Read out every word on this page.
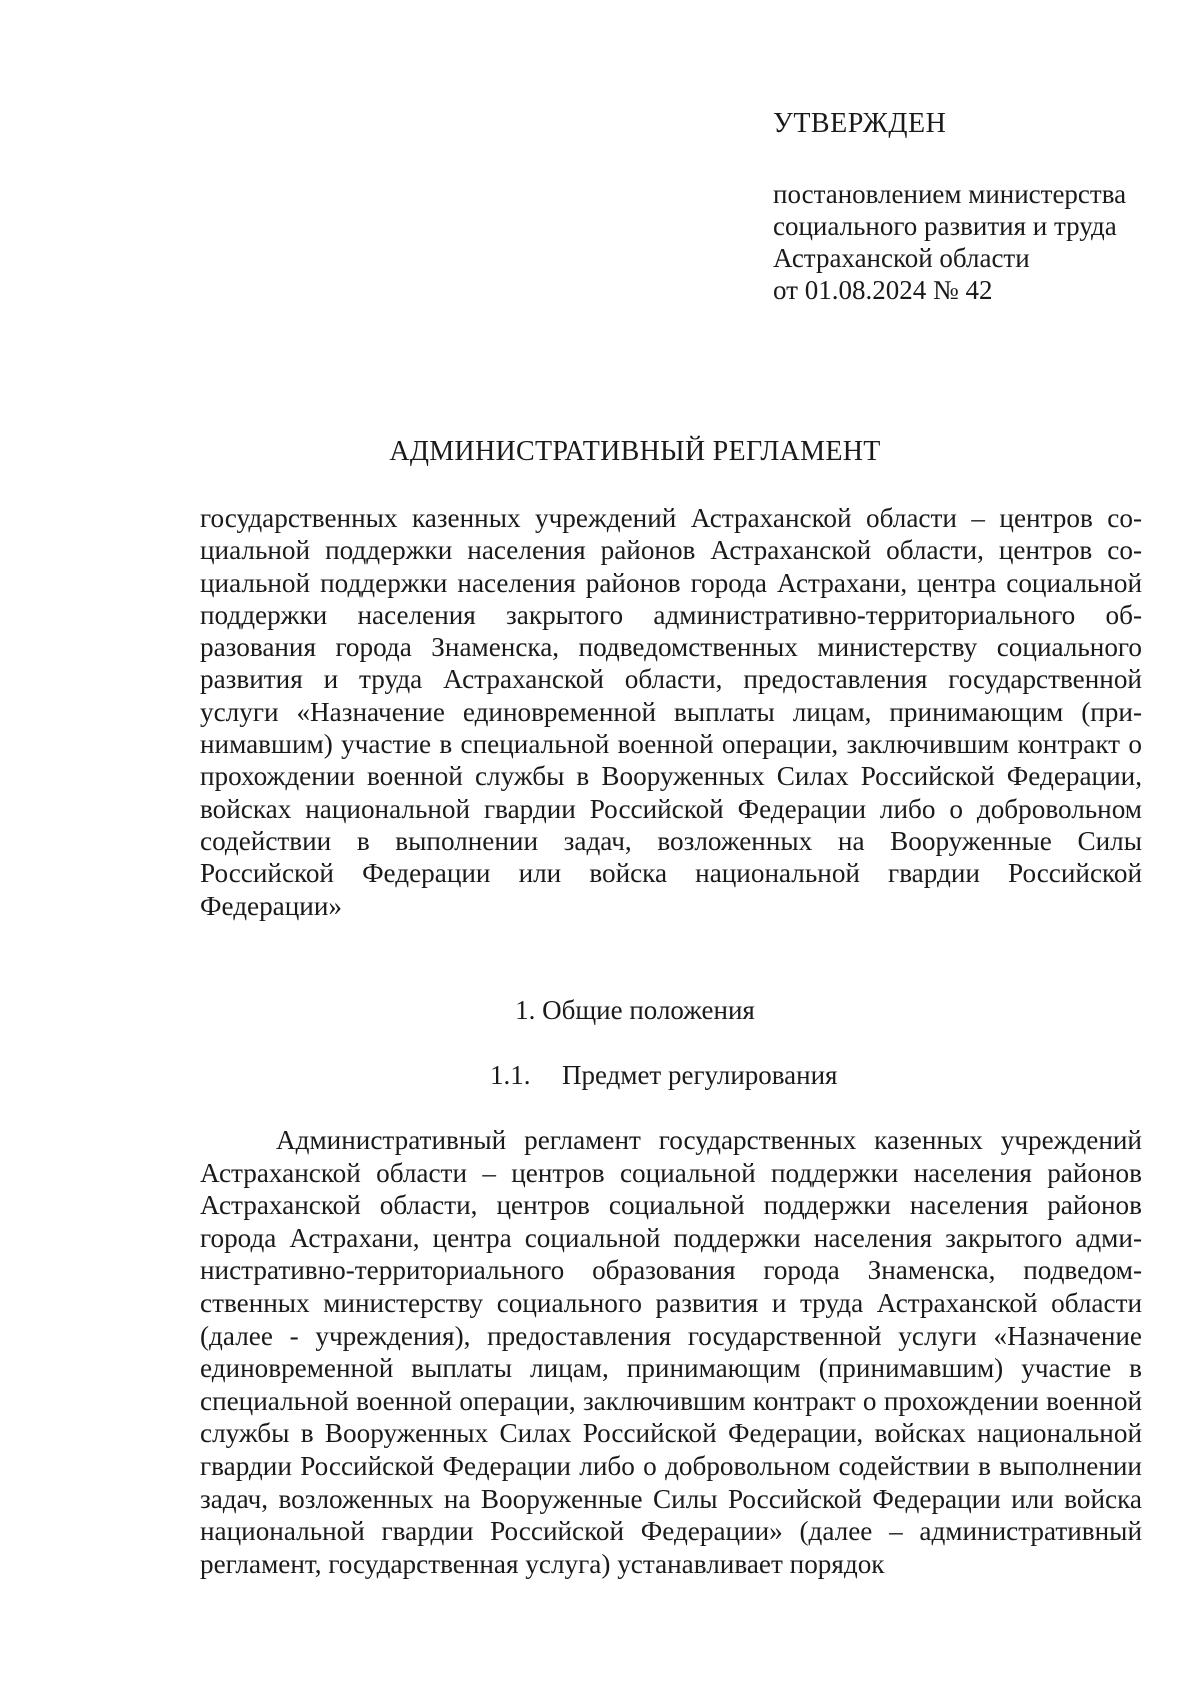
УТВЕРЖДЕН
постановлением министерства
социального развития и труда
Астраханской области
от 01.08.2024 № 42
АДМИНИСТРАТИВНЫЙ РЕГЛАМЕНТ

государственных казенных учреждений Астраханской области – центров социальной поддержки населения районов Астраханской области, центров социальной поддержки населения районов города Астрахани, центра социальной поддержки населения закрытого административно-территориального образования города Знаменска, подведомственных министерству социального развития и труда Астраханской области, предоставления государственной услуги «Назначение единовременной выплаты лицам, принимающим (принимавшим) участие в специальной военной операции, заключившим контракт о прохождении военной службы в Вооруженных Силах Российской Федерации, войсках национальной гвардии Российской Федерации либо о добровольном содействии в выполнении задач, возложенных на Вооруженные Силы Российской Федерации или войска национальной гвардии Российской Федерации»

1. Общие положения
1.1. Предмет регулирования

Административный регламент государственных казенных учреждений Астраханской области – центров социальной поддержки населения районов Астраханской области, центров социальной поддержки населения районов города Астрахани, центра социальной поддержки населения закрытого административно-территориального образования города Знаменска, подведомственных министерству социального развития и труда Астраханской области (далее - учреждения), предоставления государственной услуги «Назначение единовременной выплаты лицам, принимающим (принимавшим) участие в специальной военной операции, заключившим контракт о прохождении военной службы в Вооруженных Силах Российской Федерации, войсках национальной гвардии Российской Федерации либо о добровольном содействии в выполнении задач, возложенных на Вооруженные Силы Российской Федерации или войска национальной гвардии Российской Федерации» (далее – административный регламент, государственная услуга) устанавливает порядок
